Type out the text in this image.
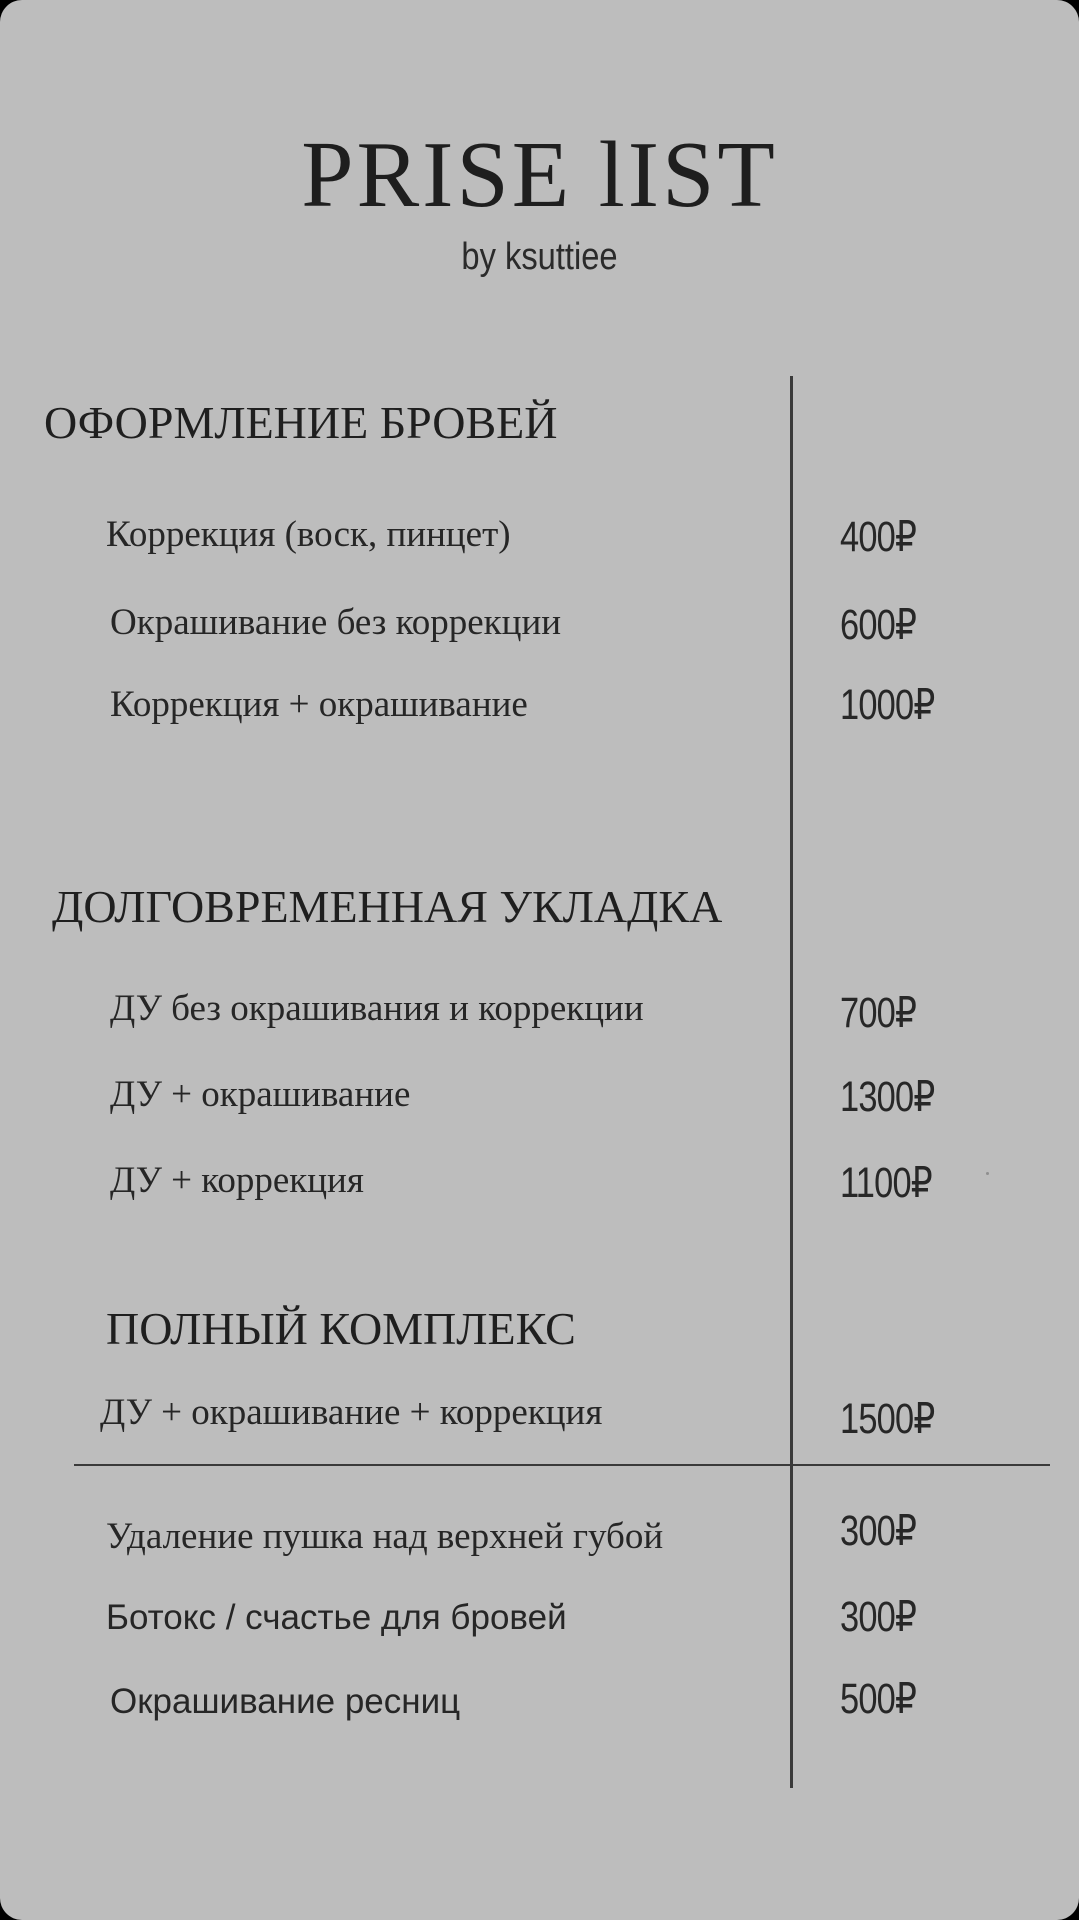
PRISE lIST
by ksuttiee
ОФОРМЛЕНИЕ БРОВЕЙ
Коррекция (воск, пинцет)	400₽
Окрашивание без коррекции	600₽
Коррекция + окрашивание	1000₽
ДОЛГОВРЕМЕННАЯ УКЛАДКА
ДУ без окрашивания и коррекции	700₽
ДУ + окрашивание	1300₽
ДУ + коррекция	1100₽
ПОЛНЫЙ КОМПЛЕКС
ДУ + окрашивание + коррекция	1500₽
Удаление пушка над верхней губой	300₽
Ботокс / счастье для бровей	300₽
Окрашивание ресниц	500₽
